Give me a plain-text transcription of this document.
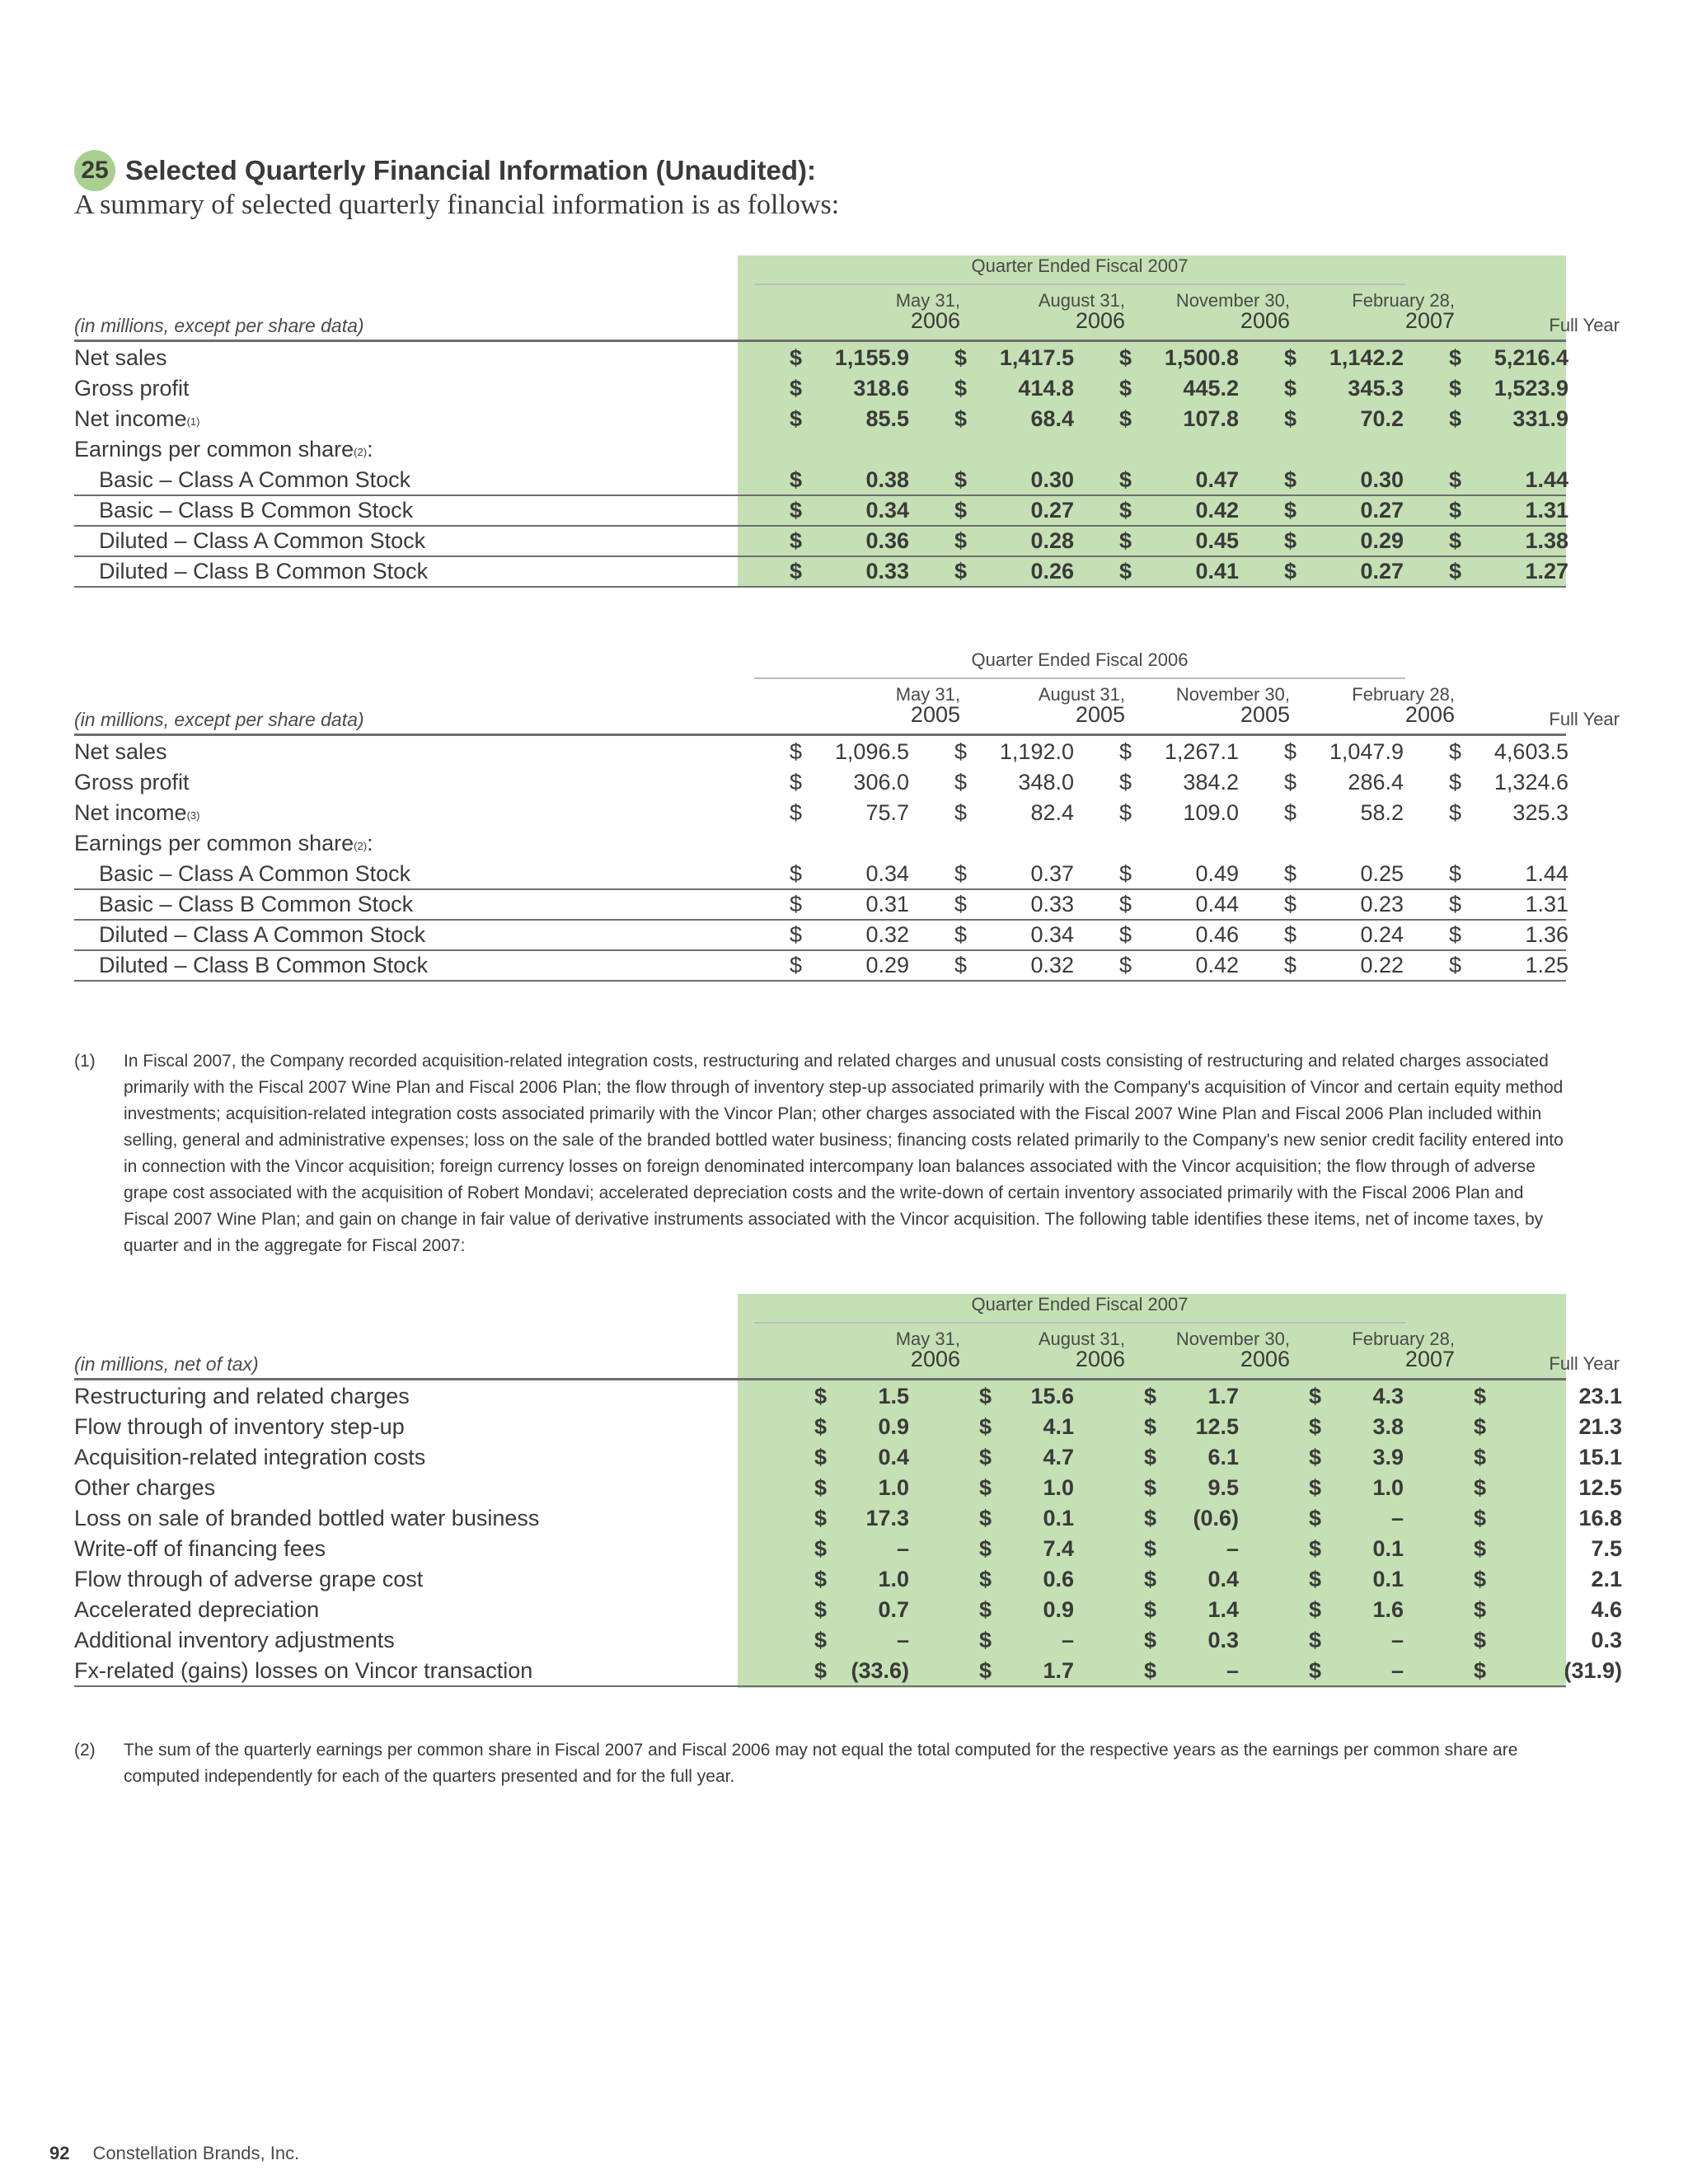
25 Selected Quarterly Financial Information (Unaudited):
A summary of selected quarterly financial information is as follows:
Quarter Ended Fiscal 2007
May 31,	August 31,	November 30,	February 28,
2006	2006	2006	2007	Full Year
(in millions, except per share data)
Net sales	$ 1,155.9 $ 1,417.5 $ 1,500.8 $ 1,142.2 $ 5,216.4
Gross profit	$ 318.6 $ 414.8 $ 445.2 $ 345.3 $ 1,523.9
Net income$^{(1)}$	$	85.5 $	68.4 $ 107.8 $	70.2 $ 331.9
Earnings per common share$^{(2)}$:
Basic – Class A Common Stock	$	0.38 $	0.30 $	0.47 $	0.30 $	1.44
Basic – Class B Common Stock	$	0.34 $	0.27 $	0.42 $	0.27 $	1.31
Diluted – Class A Common Stock	$	0.36 $	0.28 $	0.45 $	0.29 $	1.38
Diluted – Class B Common Stock	$	0.33 $	0.26 $	0.41 $	0.27 $	1.27
Quarter Ended Fiscal 2006
May 31,	August 31,	November 30,	February 28,
2005	2005	2005	2006	Full Year
(in millions, except per share data)
Net sales	$ 1,096.5 $ 1,192.0 $ 1,267.1 $ 1,047.9 $ 4,603.5
Gross profit	$ 306.0 $ 348.0 $ 384.2 $ 286.4 $ 1,324.6
Net income$^{(3)}$	$	75.7 $	82.4 $ 109.0 $	58.2 $ 325.3
Earnings per common share$^{(2)}$:
Basic – Class A Common Stock	$	0.34 $	0.37 $	0.49 $	0.25 $	1.44
Basic – Class B Common Stock	$	0.31 $	0.33 $	0.44 $	0.23 $	1.31
Diluted – Class A Common Stock	$	0.32 $	0.34 $	0.46 $	0.24 $	1.36
Diluted – Class B Common Stock	$	0.29 $	0.32 $	0.42 $	0.22 $	1.25
(1) In Fiscal 2007, the Company recorded acquisition-related integration costs, restructuring and related charges and unusual costs consisting of restructuring and related charges associated primarily with the Fiscal 2007 Wine Plan and Fiscal 2006 Plan; the flow through of inventory step-up associated primarily with the Company's acquisition of Vincor and certain equity method investments; acquisition-related integration costs associated primarily with the Vincor Plan; other charges associated with the Fiscal 2007 Wine Plan and Fiscal 2006 Plan included within selling, general and administrative expenses; loss on the sale of the branded bottled water business; financing costs related primarily to the Company's new senior credit facility entered into in connection with the Vincor acquisition; foreign currency losses on foreign denominated intercompany loan balances associated with the Vincor acquisition; the flow through of adverse grape cost associated with the acquisition of Robert Mondavi; accelerated depreciation costs and the write-down of certain inventory associated primarily with the Fiscal 2006 Plan and Fiscal 2007 Wine Plan; and gain on change in fair value of derivative instruments associated with the Vincor acquisition. The following table identifies these items, net of income taxes, by quarter and in the aggregate for Fiscal 2007:
Quarter Ended Fiscal 2007
May 31,	August 31,	November 30,	February 28,
2006	2006	2006	2007	Full Year
(in millions, net of tax)
Restructuring and related charges	$ 1.5	$ 15.6	$ 1.7	$ 4.3	$	23.1
Flow through of inventory step-up	$ 0.9	$ 4.1	$ 12.5	$ 3.8	$	21.3
Acquisition-related integration costs	$ 0.4	$ 4.7	$ 6.1	$ 3.9	$	15.1
Other charges	$ 1.0	$ 1.0	$ 9.5	$ 1.0	$	12.5
Loss on sale of branded bottled water business	$ 17.3	$ 0.1	$ (0.6)	$	–	$	16.8
Write-off of financing fees	$	–	$ 7.4	$	–	$ 0.1	$	7.5
Flow through of adverse grape cost	$ 1.0	$ 0.6	$ 0.4	$ 0.1	$	2.1
Accelerated depreciation	$ 0.7	$ 0.9	$ 1.4	$ 1.6	$	4.6
Additional inventory adjustments	$	–	$	–	$ 0.3	$	–	$	0.3
Fx-related (gains) losses on Vincor transaction	$ (33.6)	$ 1.7	$	–	$	–	$	(31.9)
(2) The sum of the quarterly earnings per common share in Fiscal 2007 and Fiscal 2006 may not equal the total computed for the respective years as the earnings per common share are computed independently for each of the quarters presented and for the full year.
92 Constellation Brands, Inc.
